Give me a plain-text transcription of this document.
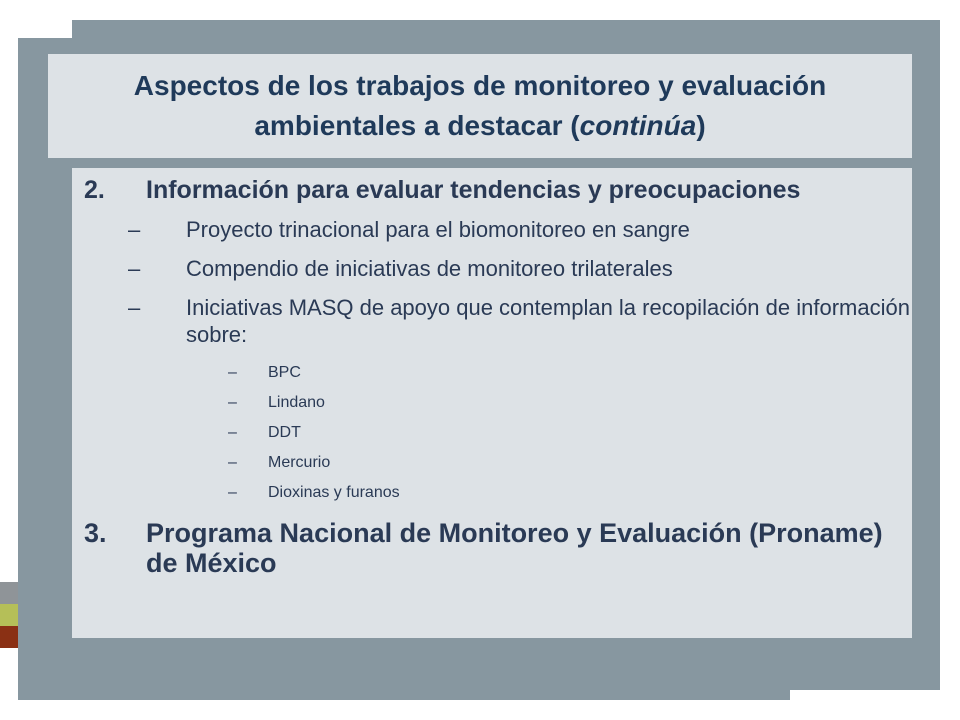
Aspectos de los trabajos de monitoreo y evaluación ambientales a destacar (continúa)
2. Información para evaluar tendencias y preocupaciones
– Proyecto trinacional para el biomonitoreo en sangre
– Compendio de iniciativas de monitoreo trilaterales
– Iniciativas MASQ de apoyo que contemplan la recopilación de información sobre:
– BPC
– Lindano
– DDT
– Mercurio
– Dioxinas y furanos
3. Programa Nacional de Monitoreo y Evaluación (Proname) de México
